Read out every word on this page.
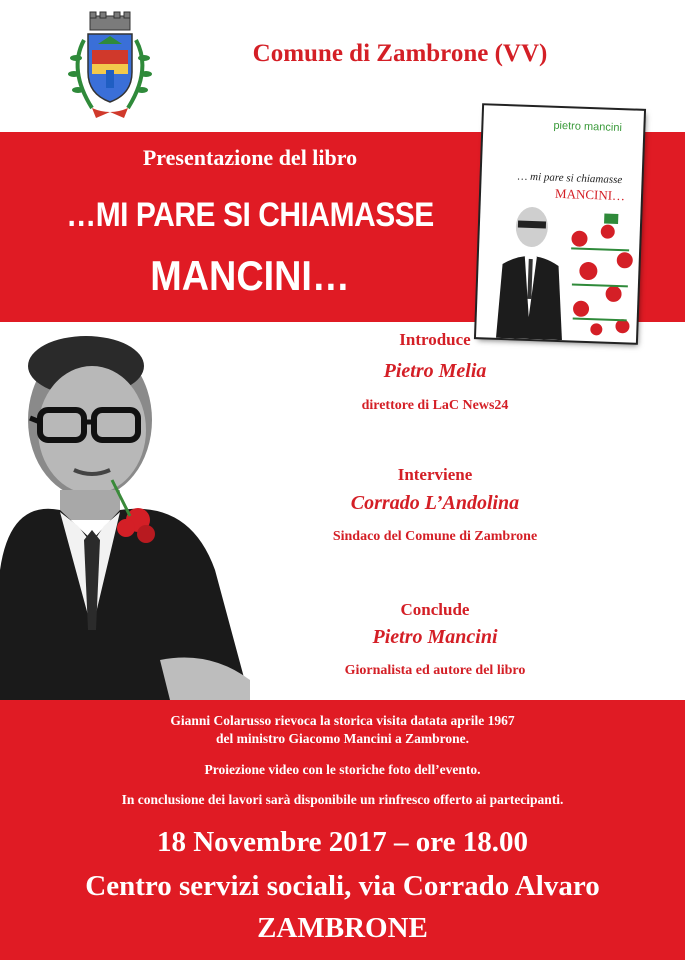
Comune di Zambrone (VV)
Presentazione del libro
…MI PARE SI CHIAMASSE
MANCINI…
pietro mancini
… mi pare si chiamasse
MANCINI…
Introduce
Pietro Melia
direttore di LaC News24
Interviene
Corrado L’Andolina
Sindaco del Comune di Zambrone
Conclude
Pietro Mancini
Giornalista ed autore del libro
Gianni Colarusso rievoca la storica visita datata aprile 1967
del ministro Giacomo Mancini a Zambrone.
Proiezione video con le storiche foto dell’evento.
In conclusione dei lavori sarà disponibile un rinfresco offerto ai partecipanti.
18 Novembre 2017 – ore 18.00
Centro servizi sociali, via Corrado Alvaro
ZAMBRONE
